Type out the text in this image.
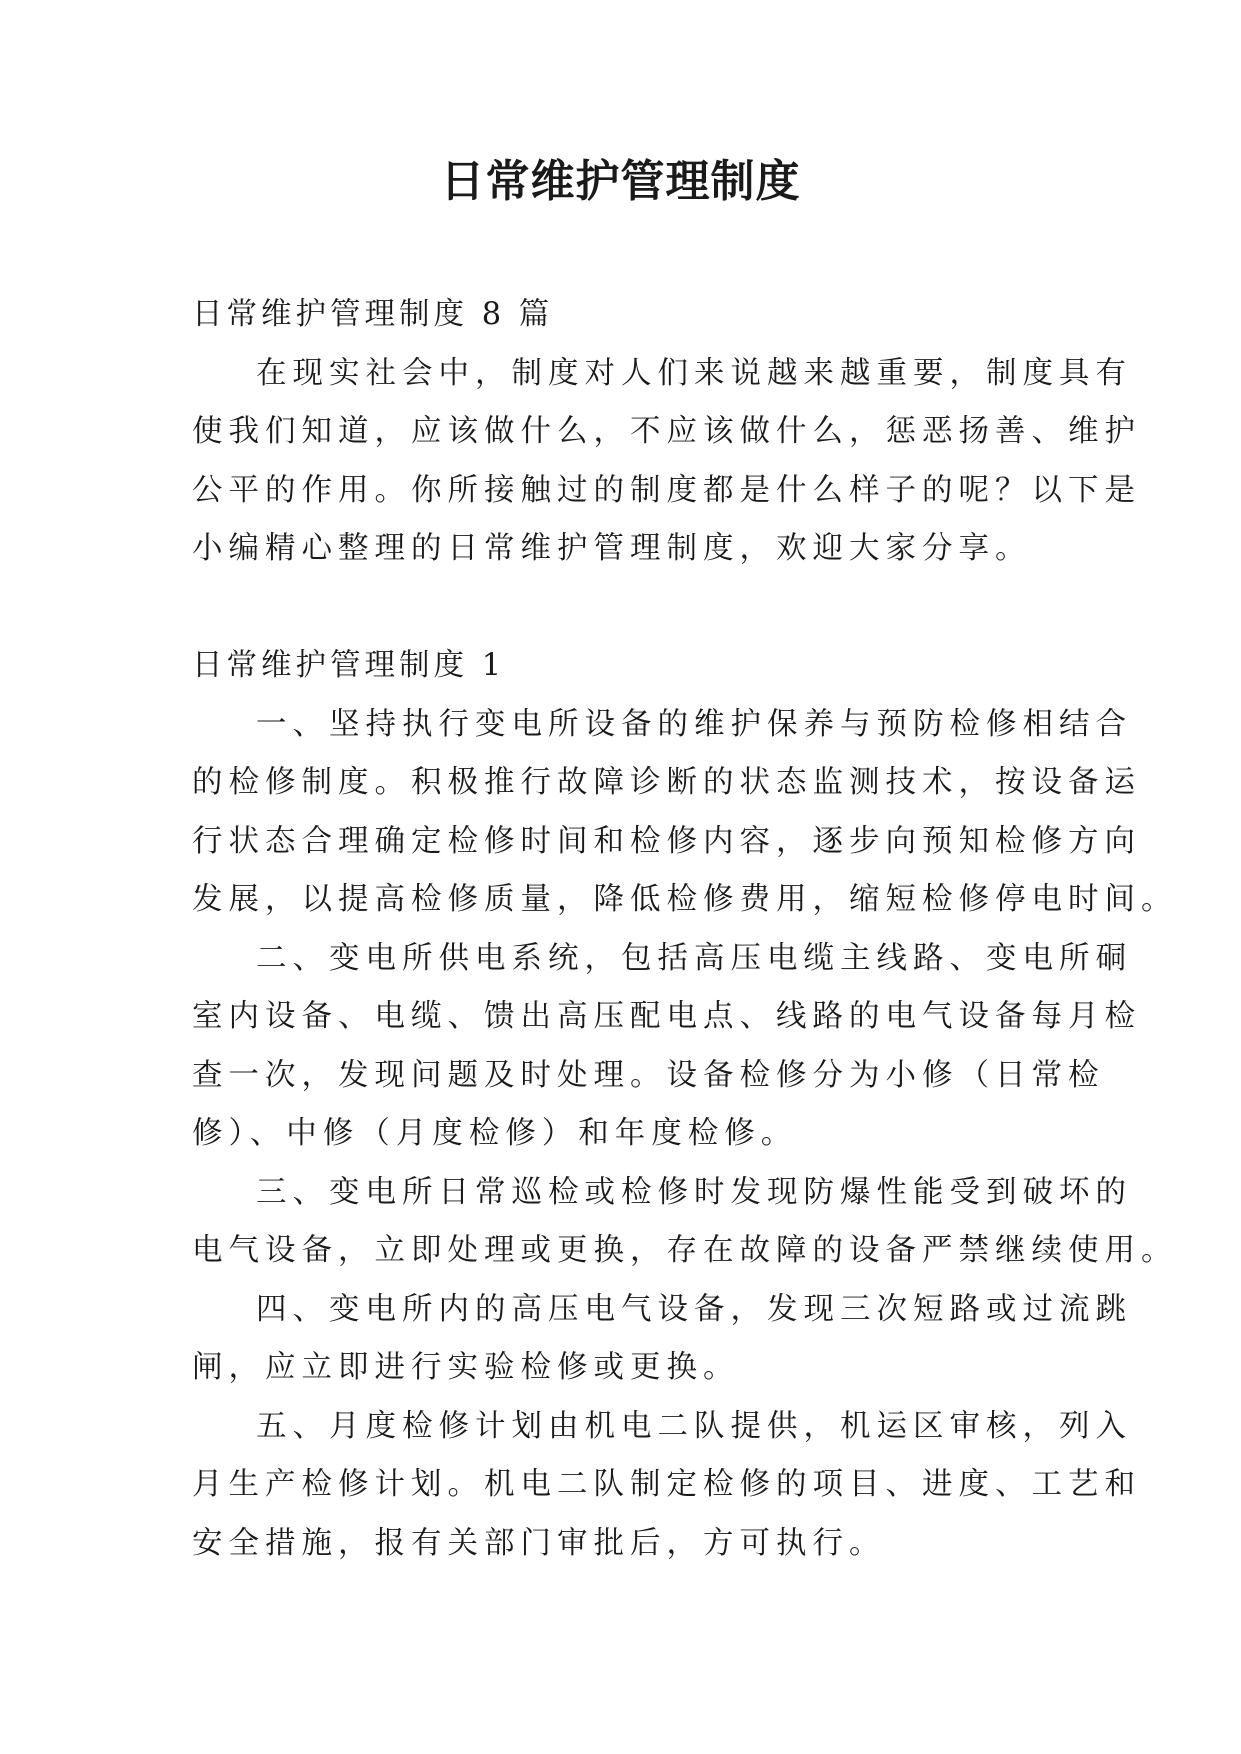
日常维护管理制度

日常维护管理制度 8 篇

在现实社会中，制度对人们来说越来越重要，制度具有

使我们知道，应该做什么，不应该做什么，惩恶扬善、维护

公平的作用。你所接触过的制度都是什么样子的呢？以下是

小编精心整理的日常维护管理制度，欢迎大家分享。

日常维护管理制度 1

一、坚持执行变电所设备的维护保养与预防检修相结合

的检修制度。积极推行故障诊断的状态监测技术，按设备运

行状态合理确定检修时间和检修内容，逐步向预知检修方向

发展，以提高检修质量，降低检修费用，缩短检修停电时间。

二、变电所供电系统，包括高压电缆主线路、变电所硐

室内设备、电缆、馈出高压配电点、线路的电气设备每月检

查一次，发现问题及时处理。设备检修分为小修（日常检

修）、中修（月度检修）和年度检修。

三、变电所日常巡检或检修时发现防爆性能受到破坏的

电气设备，立即处理或更换，存在故障的设备严禁继续使用。

四、变电所内的高压电气设备，发现三次短路或过流跳

闸，应立即进行实验检修或更换。

五、月度检修计划由机电二队提供，机运区审核，列入

月生产检修计划。机电二队制定检修的项目、进度、工艺和

安全措施，报有关部门审批后，方可执行。
